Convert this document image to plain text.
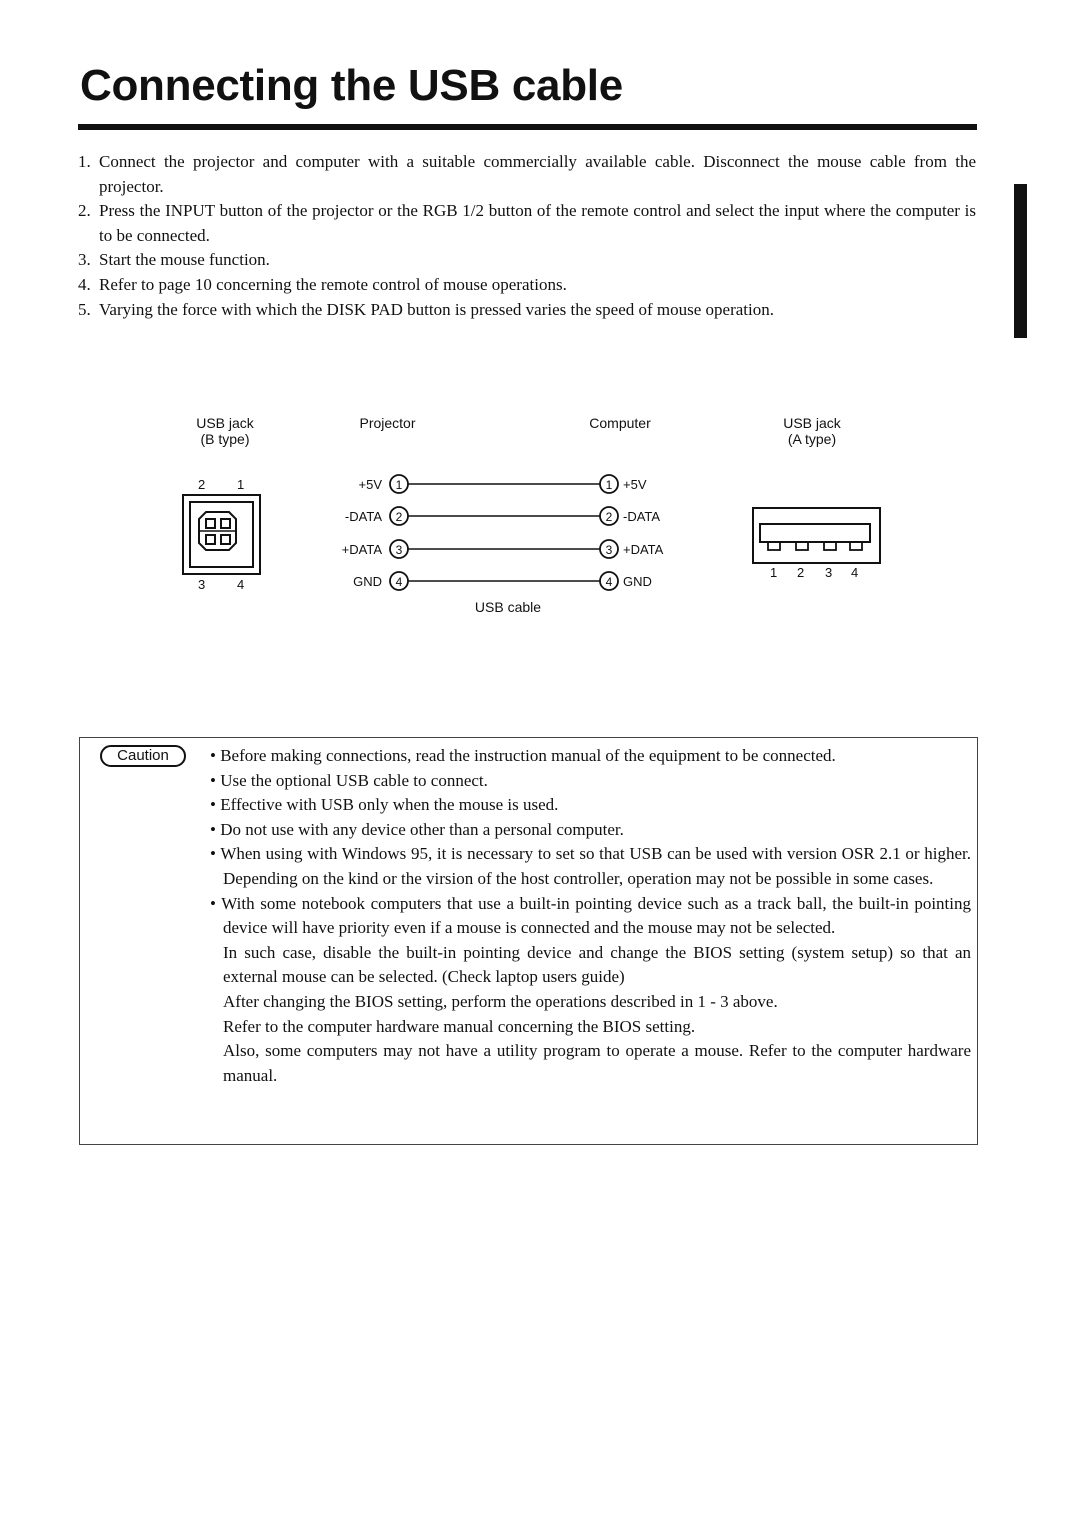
Connecting the USB cable
1. Connect the projector and computer with a suitable commercially available cable. Disconnect the mouse cable from the projector.
2. Press the INPUT button of the projector or the RGB 1/2 button of the remote control and select the input where the computer is to be connected.
3. Start the mouse function.
4. Refer to page 10 concerning the remote control of mouse operations.
5. Varying the force with which the DISK PAD button is pressed varies the speed of mouse operation.
USB jack
(B type)
Projector	Computer	USB jack
(A type)
USB cable
2 1
3 4
+5V 1	1 +5V
-DATA 2	2 -DATA
+DATA 3	3 +DATA
GND 4	4 GND
1 2 3 4
Caution	• Before making connections, read the instruction manual of the equipment to be connected.
• Use the optional USB cable to connect.
• Effective with USB only when the mouse is used.
• Do not use with any device other than a personal computer.
• When using with Windows 95, it is necessary to set so that USB can be used with version OSR 2.1 or higher. Depending on the kind or the virsion of the host controller, operation may not be possible in some cases.
• With some notebook computers that use a built-in pointing device such as a track ball, the built-in pointing device will have priority even if a mouse is connected and the mouse may not be selected.
In such case, disable the built-in pointing device and change the BIOS setting (system setup) so that an external mouse can be selected. (Check laptop users guide)
After changing the BIOS setting, perform the operations described in 1 - 3 above.
Refer to the computer hardware manual concerning the BIOS setting.
Also, some computers may not have a utility program to operate a mouse. Refer to the computer hardware manual.
